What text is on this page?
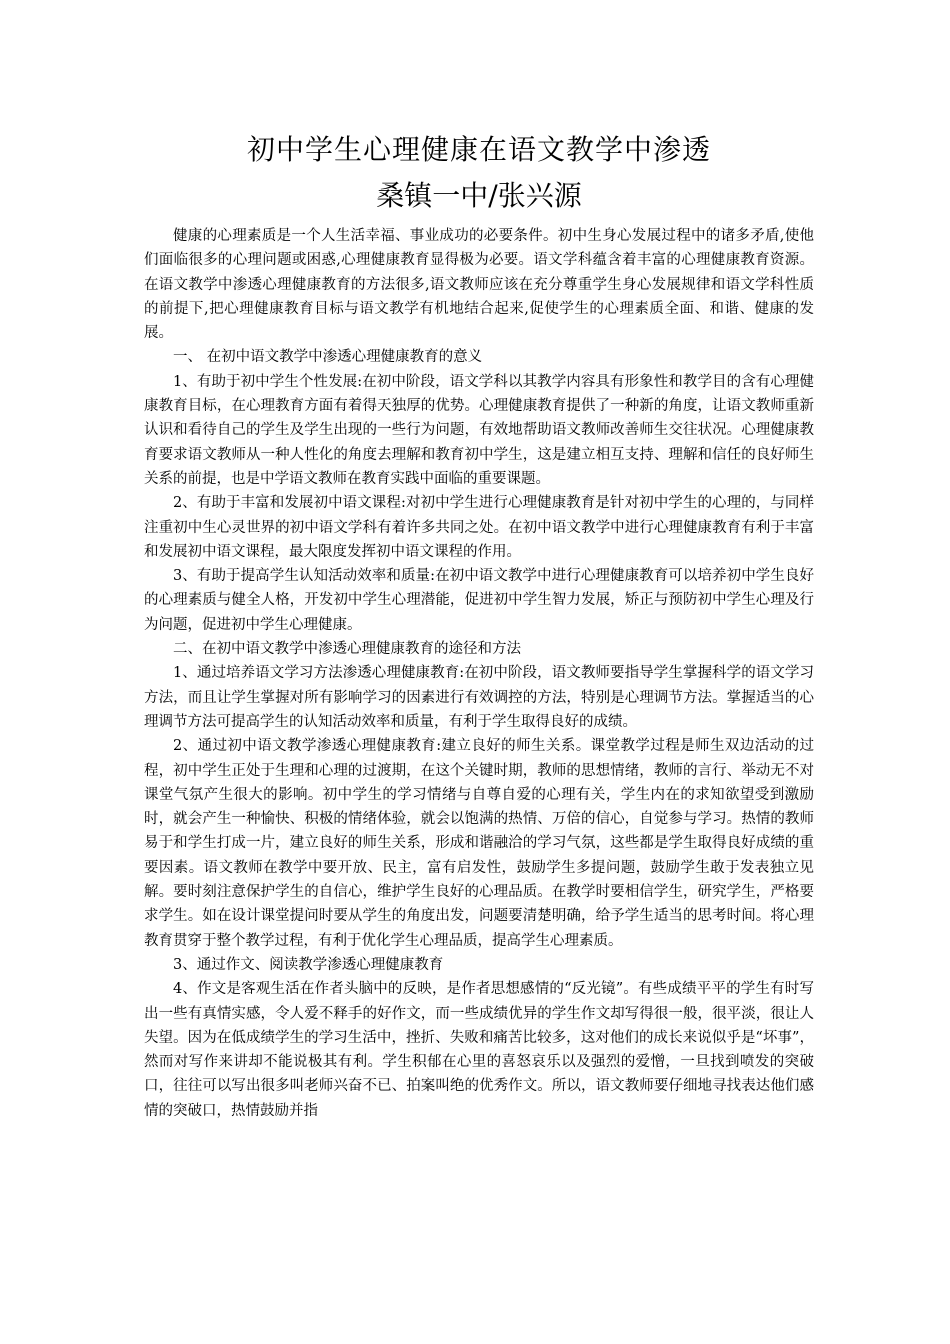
初中学生心理健康在语文教学中渗透
桑镇一中/张兴源

健康的心理素质是一个人生活幸福、事业成功的必要条件。初中生身心发展过程中的诸多矛盾,使他们面临很多的心理问题或困惑,心理健康教育显得极为必要。语文学科蕴含着丰富的心理健康教育资源。在语文教学中渗透心理健康教育的方法很多,语文教师应该在充分尊重学生身心发展规律和语文学科性质的前提下,把心理健康教育目标与语文教学有机地结合起来,促使学生的心理素质全面、和谐、健康的发展。

一、 在初中语文教学中渗透心理健康教育的意义

1、有助于初中学生个性发展:在初中阶段，语文学科以其教学内容具有形象性和教学目的含有心理健康教育目标，在心理教育方面有着得天独厚的优势。心理健康教育提供了一种新的角度，让语文教师重新认识和看待自己的学生及学生出现的一些行为问题，有效地帮助语文教师改善师生交往状况。心理健康教育要求语文教师从一种人性化的角度去理解和教育初中学生，这是建立相互支持、理解和信任的良好师生关系的前提，也是中学语文教师在教育实践中面临的重要课题。

2、有助于丰富和发展初中语文课程:对初中学生进行心理健康教育是针对初中学生的心理的，与同样注重初中生心灵世界的初中语文学科有着许多共同之处。在初中语文教学中进行心理健康教育有利于丰富和发展初中语文课程，最大限度发挥初中语文课程的作用。

3、有助于提高学生认知活动效率和质量:在初中语文教学中进行心理健康教育可以培养初中学生良好的心理素质与健全人格，开发初中学生心理潜能，促进初中学生智力发展，矫正与预防初中学生心理及行为问题，促进初中学生心理健康。

二、在初中语文教学中渗透心理健康教育的途径和方法

1、通过培养语文学习方法渗透心理健康教育:在初中阶段，语文教师要指导学生掌握科学的语文学习方法，而且让学生掌握对所有影响学习的因素进行有效调控的方法，特别是心理调节方法。掌握适当的心理调节方法可提高学生的认知活动效率和质量，有利于学生取得良好的成绩。

2、通过初中语文教学渗透心理健康教育:建立良好的师生关系。课堂教学过程是师生双边活动的过程，初中学生正处于生理和心理的过渡期，在这个关键时期，教师的思想情绪，教师的言行、举动无不对课堂气氛产生很大的影响。初中学生的学习情绪与自尊自爱的心理有关，学生内在的求知欲望受到激励时，就会产生一种愉快、积极的情绪体验，就会以饱满的热情、万倍的信心，自觉参与学习。热情的教师易于和学生打成一片，建立良好的师生关系，形成和谐融洽的学习气氛，这些都是学生取得良好成绩的重要因素。语文教师在教学中要开放、民主，富有启发性，鼓励学生多提问题，鼓励学生敢于发表独立见解。要时刻注意保护学生的自信心，维护学生良好的心理品质。在教学时要相信学生，研究学生，严格要求学生。如在设计课堂提问时要从学生的角度出发，问题要清楚明确，给予学生适当的思考时间。将心理教育贯穿于整个教学过程，有利于优化学生心理品质，提高学生心理素质。

3、通过作文、阅读教学渗透心理健康教育

4、作文是客观生活在作者头脑中的反映，是作者思想感情的“反光镜”。有些成绩平平的学生有时写出一些有真情实感，令人爱不释手的好作文，而一些成绩优异的学生作文却写得很一般，很平淡，很让人失望。因为在低成绩学生的学习生活中，挫折、失败和痛苦比较多，这对他们的成长来说似乎是“坏事”，然而对写作来讲却不能说极其有利。学生积郁在心里的喜怒哀乐以及强烈的爱憎，一旦找到喷发的突破口，往往可以写出很多叫老师兴奋不已、拍案叫绝的优秀作文。所以，语文教师要仔细地寻找表达他们感情的突破口，热情鼓励并指
